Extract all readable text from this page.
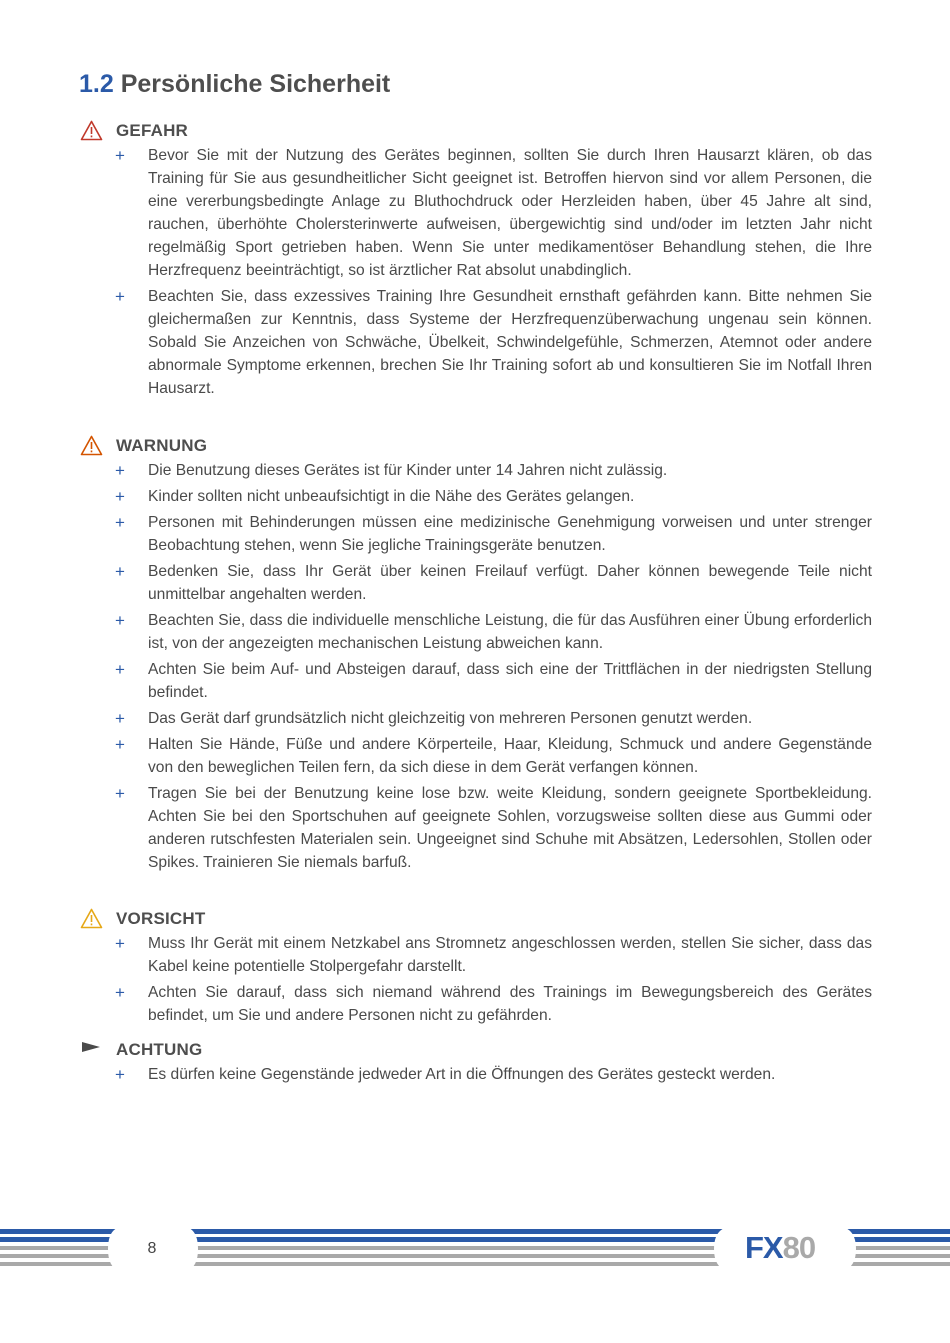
1.2 Persönliche Sicherheit
GEFAHR
+ Bevor Sie mit der Nutzung des Gerätes beginnen, sollten Sie durch Ihren Hausarzt klären, ob das Training für Sie aus gesundheitlicher Sicht geeignet ist. Betroffen hiervon sind vor allem Personen, die eine vererbungsbedingte Anlage zu Bluthochdruck oder Herzleiden haben, über 45 Jahre alt sind, rauchen, überhöhte Cholersterinwerte aufweisen, übergewichtig sind und/oder im letzten Jahr nicht regelmäßig Sport getrieben haben. Wenn Sie unter medikamentöser Behandlung stehen, die Ihre Herzfrequenz beeinträchtigt, so ist ärztlicher Rat absolut unabdinglich.
+ Beachten Sie, dass exzessives Training Ihre Gesundheit ernsthaft gefährden kann. Bitte nehmen Sie gleichermaßen zur Kenntnis, dass Systeme der Herzfrequenzüberwachung ungenau sein können. Sobald Sie Anzeichen von Schwäche, Übelkeit, Schwindelgefühle, Schmerzen, Atemnot oder andere abnormale Symptome erkennen, brechen Sie Ihr Training sofort ab und konsultieren Sie im Notfall Ihren Hausarzt.
WARNUNG
+ Die Benutzung dieses Gerätes ist für Kinder unter 14 Jahren nicht zulässig.
+ Kinder sollten nicht unbeaufsichtigt in die Nähe des Gerätes gelangen.
+ Personen mit Behinderungen müssen eine medizinische Genehmigung vorweisen und unter strenger Beobachtung stehen, wenn Sie jegliche Trainingsgeräte benutzen.
+ Bedenken Sie, dass Ihr Gerät über keinen Freilauf verfügt. Daher können bewegende Teile nicht unmittelbar angehalten werden.
+ Beachten Sie, dass die individuelle menschliche Leistung, die für das Ausführen einer Übung erforderlich ist, von der angezeigten mechanischen Leistung abweichen kann.
+ Achten Sie beim Auf- und Absteigen darauf, dass sich eine der Trittflächen in der niedrigsten Stellung befindet.
+ Das Gerät darf grundsätzlich nicht gleichzeitig von mehreren Personen genutzt werden.
+ Halten Sie Hände, Füße und andere Körperteile, Haar, Kleidung, Schmuck und andere Gegenstände von den beweglichen Teilen fern, da sich diese in dem Gerät verfangen können.
+ Tragen Sie bei der Benutzung keine lose bzw. weite Kleidung, sondern geeignete Sportbekleidung. Achten Sie bei den Sportschuhen auf geeignete Sohlen, vorzugsweise sollten diese aus Gummi oder anderen rutschfesten Materialen sein. Ungeeignet sind Schuhe mit Absätzen, Ledersohlen, Stollen oder Spikes. Trainieren Sie niemals barfuß.
VORSICHT
+ Muss Ihr Gerät mit einem Netzkabel ans Stromnetz angeschlossen werden, stellen Sie sicher, dass das Kabel keine potentielle Stolpergefahr darstellt.
+ Achten Sie darauf, dass sich niemand während des Trainings im Bewegungsbereich des Gerätes befindet, um Sie und andere Personen nicht zu gefährden.
ACHTUNG
+ Es dürfen keine Gegenstände jedweder Art in die Öffnungen des Gerätes gesteckt werden.
8	FX80
